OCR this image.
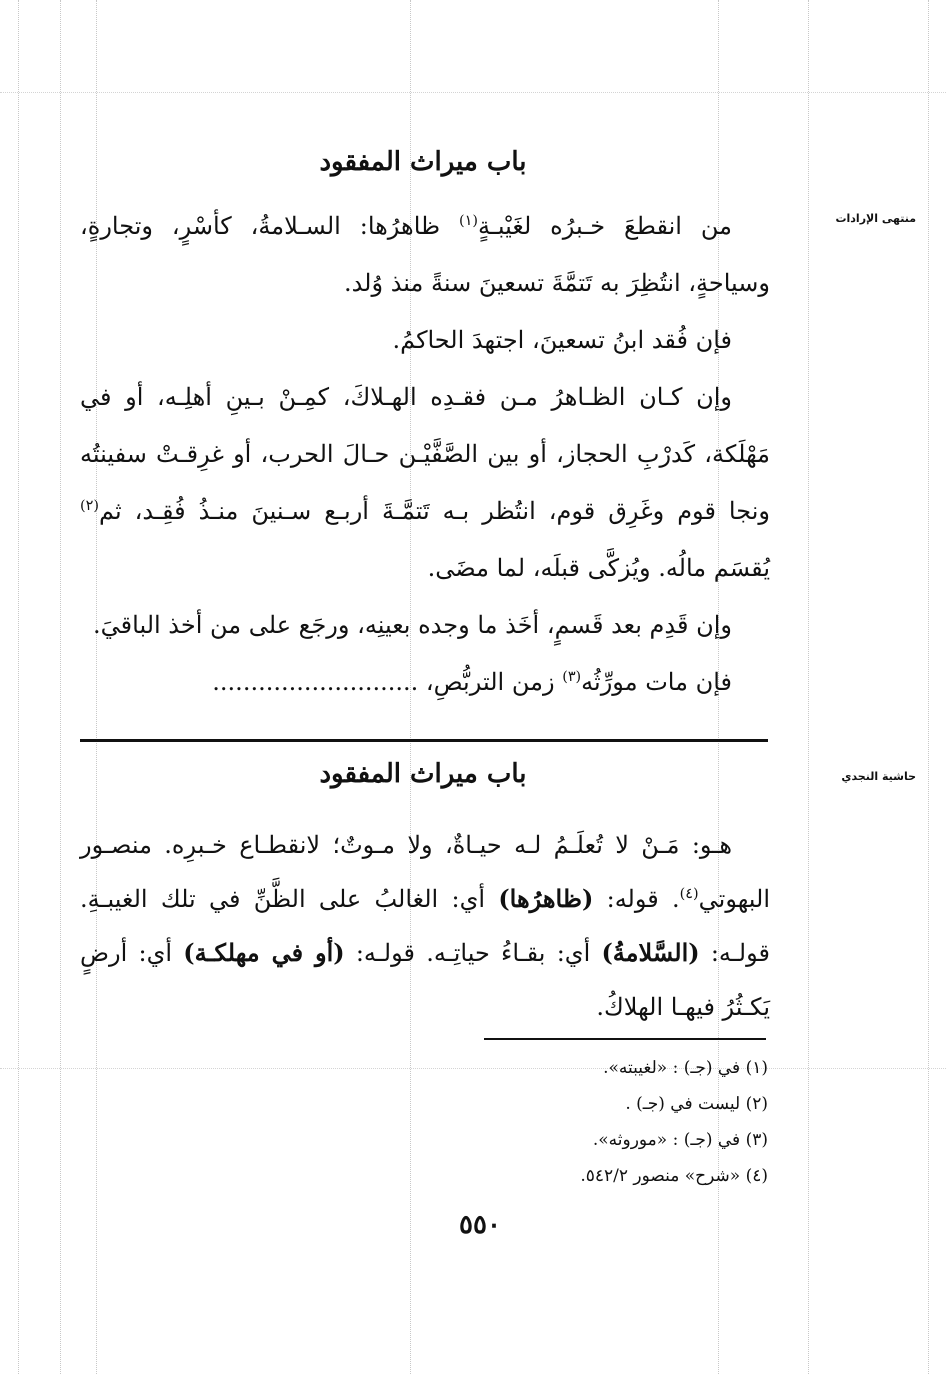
منتهى الإرادات
حاشية النجدي
باب ميراث المفقود

من انقطعَ خـبرُه لغَيْبـةٍ$^{(١)}$ ظاهرُها: السـلامةُ، كأسْرٍ، وتجارةٍ، وسياحةٍ، انتُظِرَ به تَتمَّةَ تسعينَ سنةً منذ وُلد.

فإن فُقد ابنُ تسعينَ، اجتهدَ الحاكمُ.

وإن كـان الظـاهرُ مـن فقـدِه الهـلاكَ، كمِـنْ بـينِ أهلِـه، أو في مَهْلَكة، كَدرْبِ الحجاز، أو بين الصَّفَّيْـن حـالَ الحرب، أو غرِقـتْ سفينتُه ونجا قوم وغَرِق قوم، انتُظر بـه تَتمَّـةَ أربـع سـنينَ منـذُ فُقِـد، ثم$^{(٢)}$ يُقسَم مالُه. ويُزكَّى قبلَه، لما مضَى.

وإن قَدِم بعد قَسمٍ، أخَذ ما وجده بعينِه، ورجَع على من أخذ الباقيَ.

فإن مات مورِّثُه$^{(٣)}$ زمن التربُّصِ، ...........................

باب ميراث المفقود

هـو: مَـنْ لا تُعلَـمُ لـه حيـاةٌ، ولا مـوتٌ؛ لانقطـاع خـبرِه. منصـور البهوتي$^{(٤)}$. قوله: (ظاهرُها) أي: الغالبُ على الظَّنِّ في تلك الغيبـةِ. قولـه: (السَّلامةُ) أي: بقـاءُ حياتِـه. قولـه: (أو في مهلكـة) أي: أرضٍ يَكـثُرُ فيهـا الهلاكُ.

(١) في (جـ) : «لغيبته».
(٢) ليست في (جـ) .
(٣) في (جـ) : «موروثه».
(٤) «شرح» منصور ٥٤٢/٢.
٥٥٠
